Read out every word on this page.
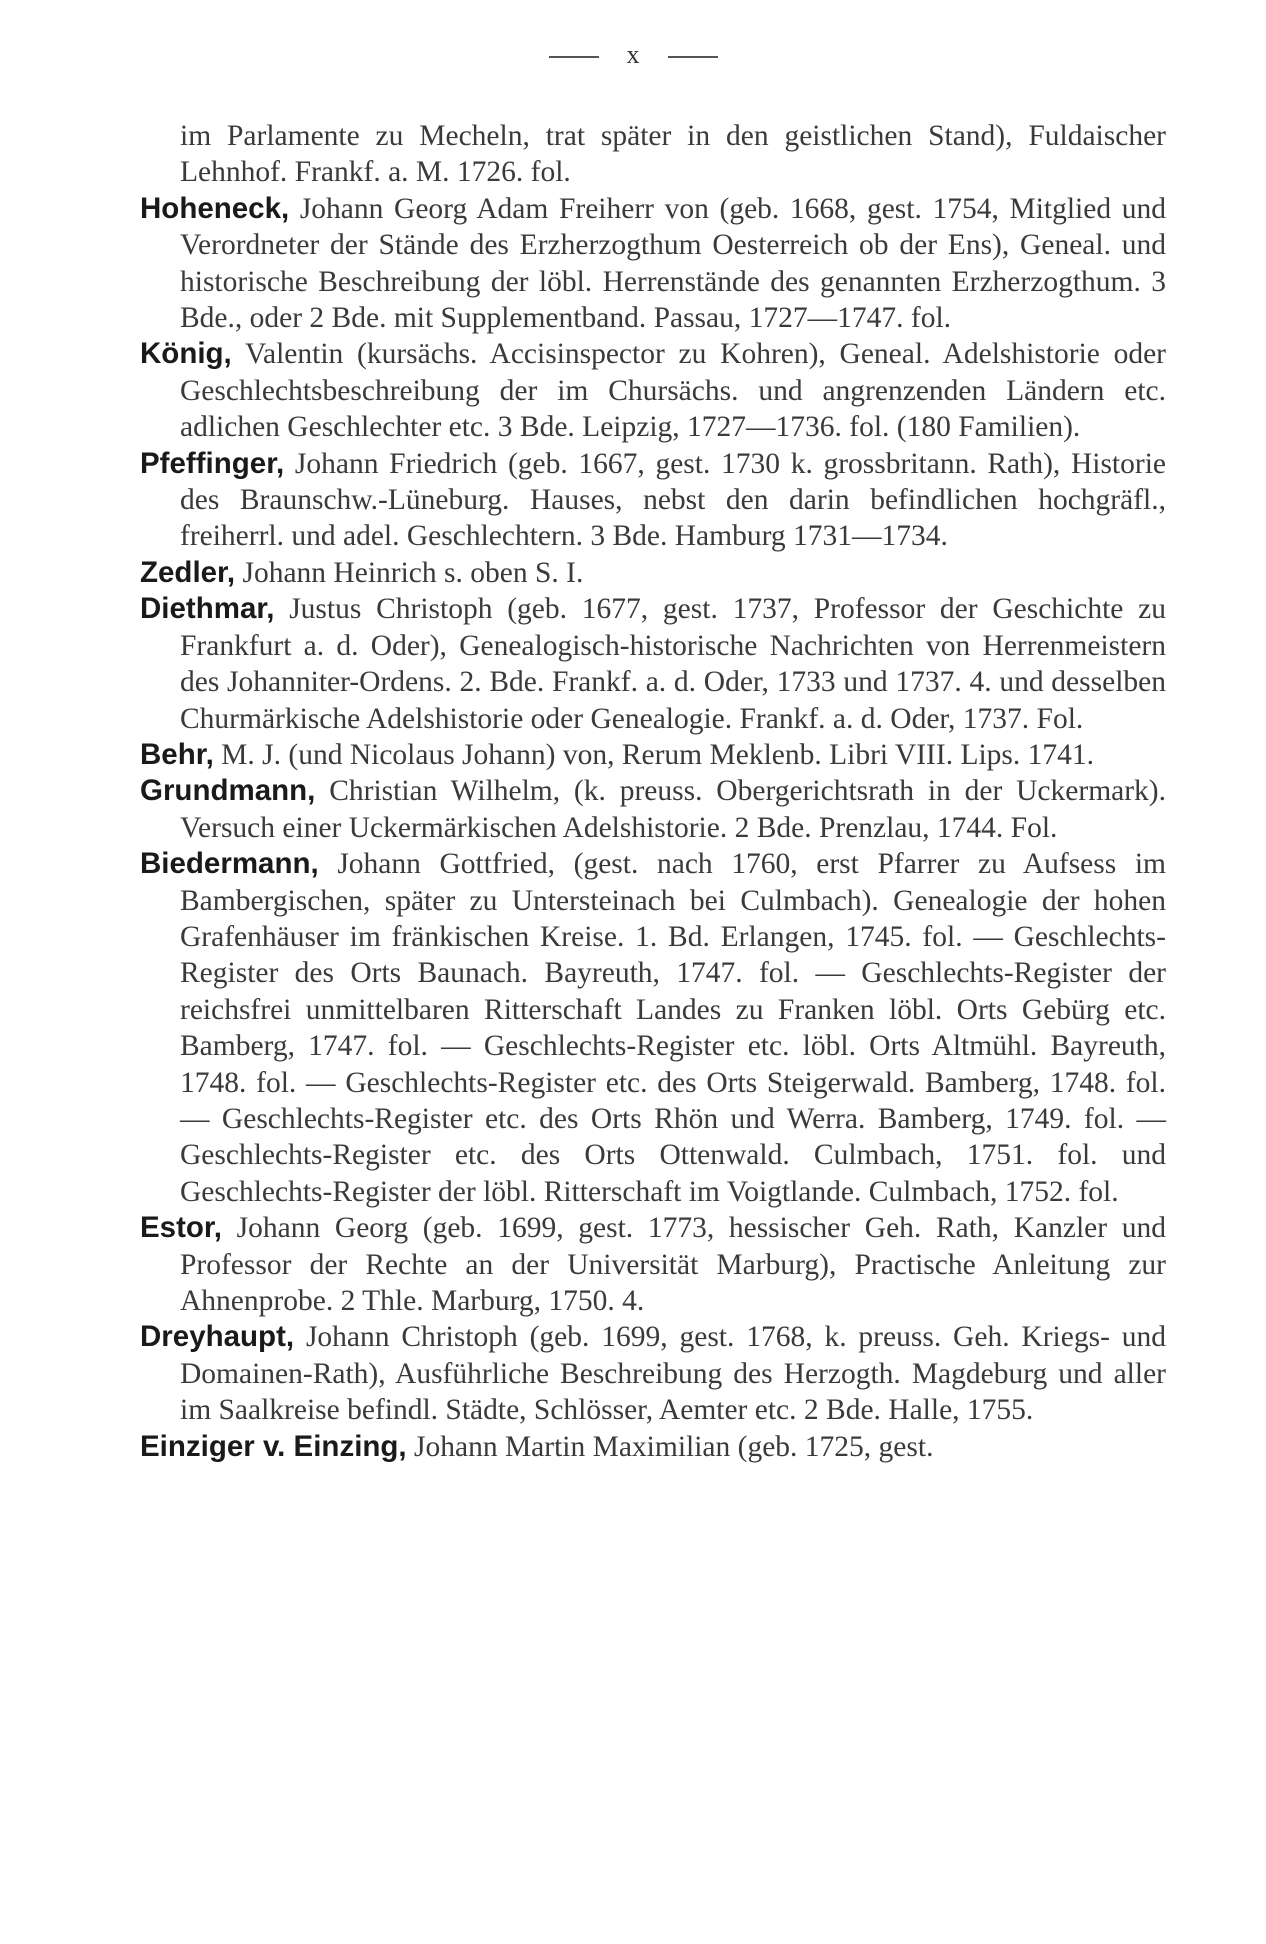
x

im Parlamente zu Mecheln, trat später in den geistlichen Stand), Fuldaischer Lehnhof. Frankf. a. M. 1726. fol.

Hoheneck, Johann Georg Adam Freiherr von (geb. 1668, gest. 1754, Mitglied und Verordneter der Stände des Erzherzogthum Oesterreich ob der Ens), Geneal. und historische Beschreibung der löbl. Herrenstände des genannten Erzherzogthum. 3 Bde., oder 2 Bde. mit Supplementband. Passau, 1727—1747. fol.

König, Valentin (kursächs. Accisinspector zu Kohren), Geneal. Adelshistorie oder Geschlechtsbeschreibung der im Chursächs. und angrenzenden Ländern etc. adlichen Geschlechter etc. 3 Bde. Leipzig, 1727—1736. fol. (180 Familien).

Pfeffinger, Johann Friedrich (geb. 1667, gest. 1730 k. grossbritann. Rath), Historie des Braunschw.-Lüneburg. Hauses, nebst den darin befindlichen hochgräfl., freiherrl. und adel. Geschlechtern. 3 Bde. Hamburg 1731—1734.

Zedler, Johann Heinrich s. oben S. I.

Diethmar, Justus Christoph (geb. 1677, gest. 1737, Professor der Geschichte zu Frankfurt a. d. Oder), Genealogisch-historische Nachrichten von Herrenmeistern des Johanniter-Ordens. 2. Bde. Frankf. a. d. Oder, 1733 und 1737. 4. und desselben Churmärkische Adelshistorie oder Genealogie. Frankf. a. d. Oder, 1737. Fol.

Behr, M. J. (und Nicolaus Johann) von, Rerum Meklenb. Libri VIII. Lips. 1741.

Grundmann, Christian Wilhelm, (k. preuss. Obergerichtsrath in der Uckermark). Versuch einer Uckermärkischen Adelshistorie. 2 Bde. Prenzlau, 1744. Fol.

Biedermann, Johann Gottfried, (gest. nach 1760, erst Pfarrer zu Aufsess im Bambergischen, später zu Untersteinach bei Culmbach). Genealogie der hohen Grafenhäuser im fränkischen Kreise. 1. Bd. Erlangen, 1745. fol. — Geschlechts-Register des Orts Baunach. Bayreuth, 1747. fol. — Geschlechts-Register der reichsfrei unmittelbaren Ritterschaft Landes zu Franken löbl. Orts Gebürg etc. Bamberg, 1747. fol. — Geschlechts-Register etc. löbl. Orts Altmühl. Bayreuth, 1748. fol. — Geschlechts-Register etc. des Orts Steigerwald. Bamberg, 1748. fol. — Geschlechts-Register etc. des Orts Rhön und Werra. Bamberg, 1749. fol. — Geschlechts-Register etc. des Orts Ottenwald. Culmbach, 1751. fol. und Geschlechts-Register der löbl. Ritterschaft im Voigtlande. Culmbach, 1752. fol.

Estor, Johann Georg (geb. 1699, gest. 1773, hessischer Geh. Rath, Kanzler und Professor der Rechte an der Universität Marburg), Practische Anleitung zur Ahnenprobe. 2 Thle. Marburg, 1750. 4.

Dreyhaupt, Johann Christoph (geb. 1699, gest. 1768, k. preuss. Geh. Kriegs- und Domainen-Rath), Ausführliche Beschreibung des Herzogth. Magdeburg und aller im Saalkreise befindl. Städte, Schlösser, Aemter etc. 2 Bde. Halle, 1755.

Einziger v. Einzing, Johann Martin Maximilian (geb. 1725, gest.
